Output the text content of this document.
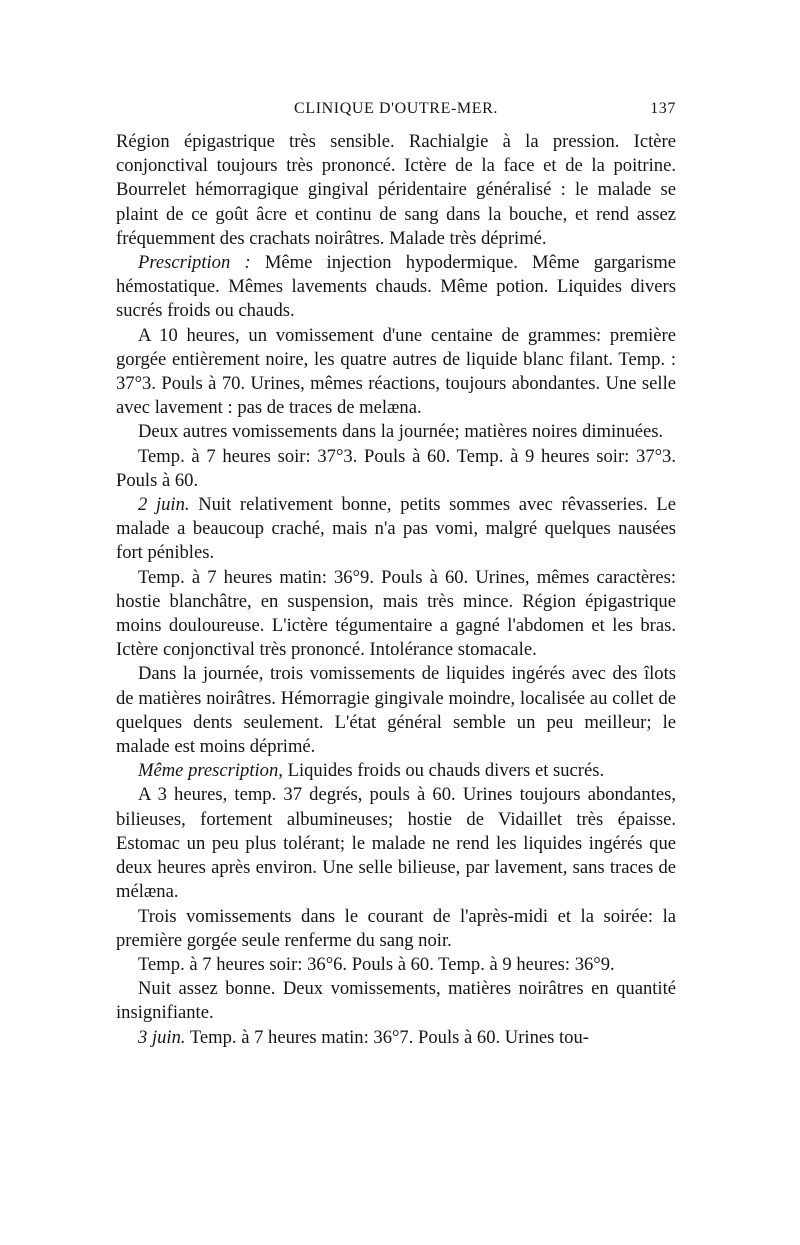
CLINIQUE D'OUTRE-MER.	137

Région épigastrique très sensible. Rachialgie à la pression. Ictère conjonctival toujours très prononcé. Ictère de la face et de la poitrine. Bourrelet hémorragique gingival péridentaire généralisé : le malade se plaint de ce goût âcre et continu de sang dans la bouche, et rend assez fréquemment des crachats noirâtres. Malade très déprimé.

Prescription : Même injection hypodermique. Même gargarisme hémostatique. Mêmes lavements chauds. Même potion. Liquides divers sucrés froids ou chauds.

A 10 heures, un vomissement d'une centaine de grammes: première gorgée entièrement noire, les quatre autres de liquide blanc filant. Temp. : 37°3. Pouls à 70. Urines, mêmes réactions, toujours abondantes. Une selle avec lavement : pas de traces de melæna.

Deux autres vomissements dans la journée; matières noires diminuées.

Temp. à 7 heures soir: 37°3. Pouls à 60. Temp. à 9 heures soir: 37°3. Pouls à 60.

2 juin. Nuit relativement bonne, petits sommes avec rêvasseries. Le malade a beaucoup craché, mais n'a pas vomi, malgré quelques nausées fort pénibles.

Temp. à 7 heures matin: 36°9. Pouls à 60. Urines, mêmes caractères: hostie blanchâtre, en suspension, mais très mince. Région épigastrique moins douloureuse. L'ictère tégumentaire a gagné l'abdomen et les bras. Ictère conjonctival très prononcé. Intolérance stomacale.

Dans la journée, trois vomissements de liquides ingérés avec des îlots de matières noirâtres. Hémorragie gingivale moindre, localisée au collet de quelques dents seulement. L'état général semble un peu meilleur; le malade est moins déprimé.

Même prescription, Liquides froids ou chauds divers et sucrés.

A 3 heures, temp. 37 degrés, pouls à 60. Urines toujours abondantes, bilieuses, fortement albumineuses; hostie de Vidaillet très épaisse. Estomac un peu plus tolérant; le malade ne rend les liquides ingérés que deux heures après environ. Une selle bilieuse, par lavement, sans traces de mélæna.

Trois vomissements dans le courant de l'après-midi et la soirée: la première gorgée seule renferme du sang noir.

Temp. à 7 heures soir: 36°6. Pouls à 60. Temp. à 9 heures: 36°9.

Nuit assez bonne. Deux vomissements, matières noirâtres en quantité insignifiante.

3 juin. Temp. à 7 heures matin: 36°7. Pouls à 60. Urines tou-
